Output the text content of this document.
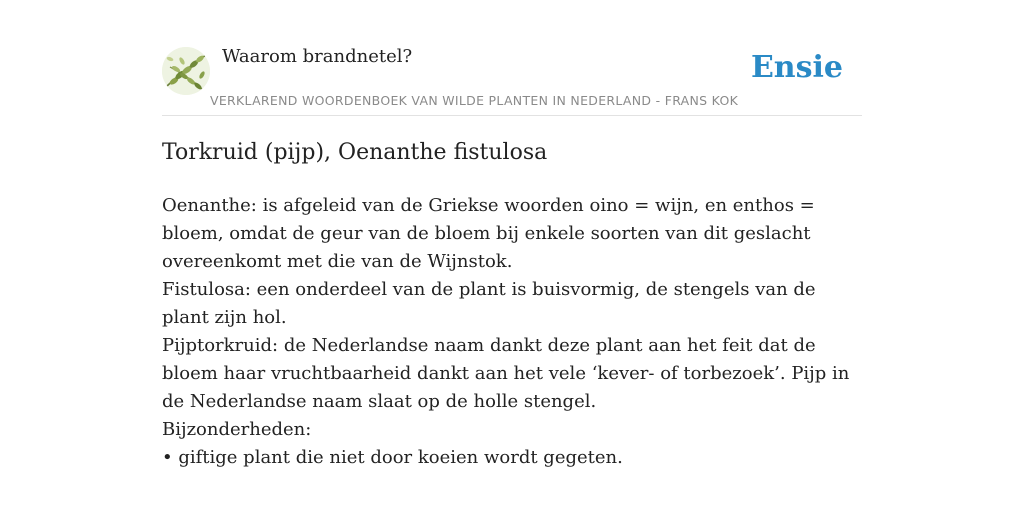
Waarom brandnetel?	Ensie
VERKLAREND WOORDENBOEK VAN WILDE PLANTEN IN NEDERLAND - FRANS KOK
Torkruid (pijp), Oenanthe fistulosa

Oenanthe: is afgeleid van de Griekse woorden oino = wijn, en enthos = bloem, omdat de geur van de bloem bij enkele soorten van dit geslacht overeenkomt met die van de Wijnstok.

Fistulosa: een onderdeel van de plant is buisvormig, de stengels van de plant zijn hol.

Pijptorkruid: de Nederlandse naam dankt deze plant aan het feit dat de bloem haar vruchtbaarheid dankt aan het vele ‘kever- of torbezoek’. Pijp in de Nederlandse naam slaat op de holle stengel.

Bijzonderheden:

• giftige plant die niet door koeien wordt gegeten.
